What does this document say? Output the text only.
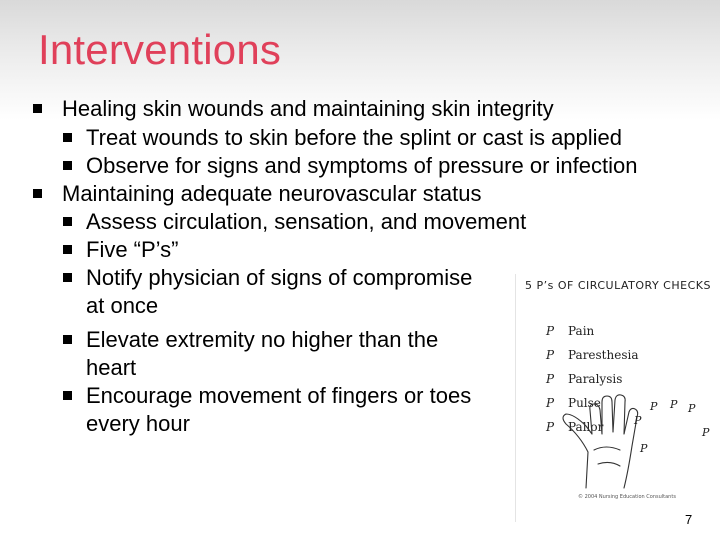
Interventions
Healing skin wounds and maintaining skin integrity
Treat wounds to skin before the splint or cast is applied
Observe for signs and symptoms of pressure or infection
Maintaining adequate neurovascular status
Assess circulation, sensation, and movement
Five “P’s”
Notify physician of signs of compromise
at once
Elevate extremity no higher than the
heart
Encourage movement of fingers or toes
every hour
5 P’s OF CIRCULATORY CHECKS
P Pain
P Paresthesia
P Paralysis
P Pulse
P Pallor	P
P P P
P
P
© 2004 Nursing Education Consultants
7
